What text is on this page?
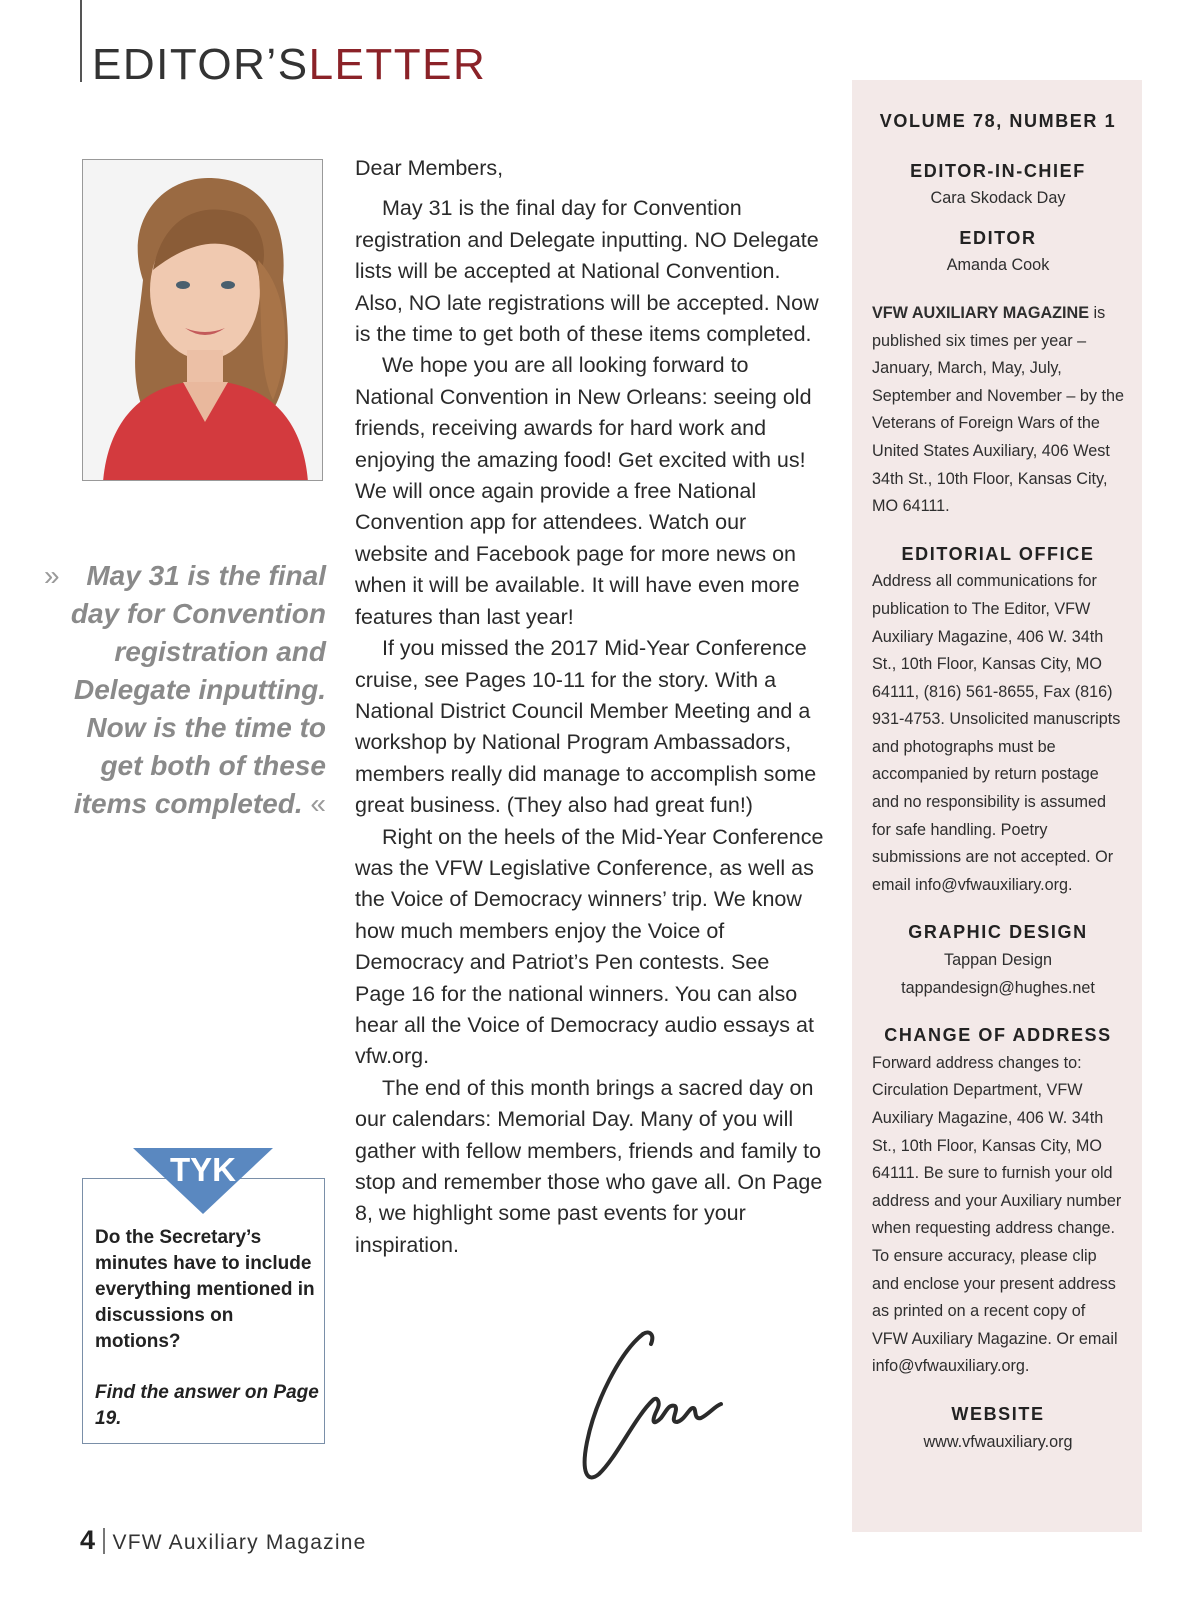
EDITOR’SLETTER
» May 31 is the final day for Convention registration and Delegate inputting. Now is the time to get both of these items completed. «
TYK
Do the Secretary’s minutes have to include everything mentioned in discussions on motions?
Find the answer on Page 19.

Dear Members,

May 31 is the final day for Convention registration and Delegate inputting. NO Delegate lists will be accepted at National Convention. Also, NO late registrations will be accepted. Now is the time to get both of these items completed.

We hope you are all looking forward to National Convention in New Orleans: seeing old friends, receiving awards for hard work and enjoying the amazing food! Get excited with us! We will once again provide a free National Convention app for attendees. Watch our website and Facebook page for more news on when it will be available. It will have even more features than last year!

If you missed the 2017 Mid-Year Conference cruise, see Pages 10-11 for the story. With a National District Council Member Meeting and a workshop by National Program Ambassadors, members really did manage to accomplish some great business. (They also had great fun!)

Right on the heels of the Mid-Year Conference was the VFW Legislative Conference, as well as the Voice of Democracy winners’ trip. We know how much members enjoy the Voice of Democracy and Patriot’s Pen contests. See Page 16 for the national winners. You can also hear all the Voice of Democracy audio essays at vfw.org.

The end of this month brings a sacred day on our calendars: Memorial Day. Many of you will gather with fellow members, friends and family to stop and remember those who gave all. On Page 8, we highlight some past events for your inspiration.

VOLUME 78, NUMBER 1
EDITOR-IN-CHIEF
Cara Skodack Day
EDITOR
Amanda Cook
VFW AUXILIARY MAGAZINE is published six times per year – January, March, May, July, September and November – by the Veterans of Foreign Wars of the United States Auxiliary, 406 West 34th St., 10th Floor, Kansas City, MO 64111.
EDITORIAL OFFICE
Address all communications for publication to The Editor, VFW Auxiliary Magazine, 406 W. 34th St., 10th Floor, Kansas City, MO 64111, (816) 561-8655, Fax (816) 931-4753. Unsolicited manuscripts and photographs must be accompanied by return postage and no responsibility is assumed for safe handling. Poetry submissions are not accepted. Or email info@vfwauxiliary.org.
GRAPHIC DESIGN
Tappan Design
tappandesign@hughes.net
CHANGE OF ADDRESS
Forward address changes to: Circulation Department, VFW Auxiliary Magazine, 406 W. 34th St., 10th Floor, Kansas City, MO 64111. Be sure to furnish your old address and your Auxiliary number when requesting address change. To ensure accuracy, please clip and enclose your present address as printed on a recent copy of VFW Auxiliary Magazine. Or email info@vfwauxiliary.org.
WEBSITE
www.vfwauxiliary.org
4 VFW Auxiliary Magazine
